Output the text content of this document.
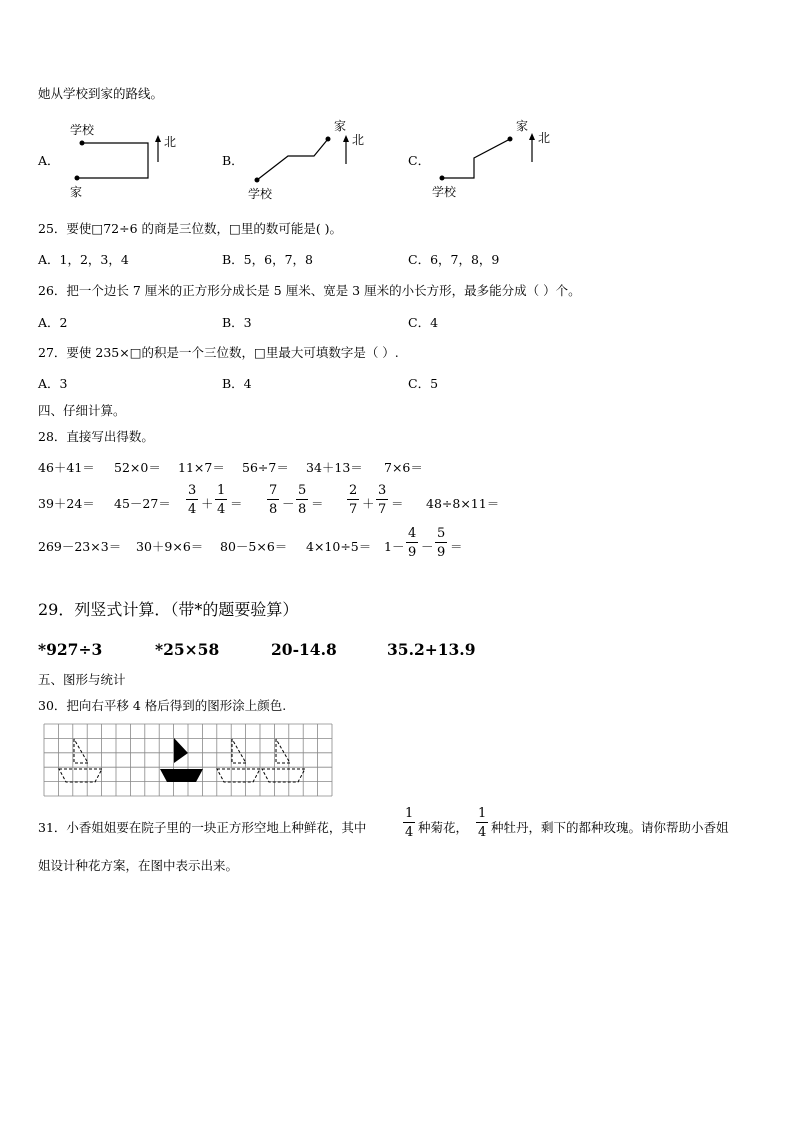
她从学校到家的路线。
A．
学校
家
北
B．
学校
家
北
C．
学校
家
北
25．要使□72÷6 的商是三位数，□里的数可能是( )。
A．1，2，3，4	B．5，6，7，8	C．6，7，8，9
26．把一个边长 7 厘米的正方形分成长是 5 厘米、宽是 3 厘米的小长方形，最多能分成（ ）个。
A．2	B．3	C．4
27．要使 235×□的积是一个三位数，□里最大可填数字是（ ）.
A．3	B．4	C．5
四、仔细计算。
28．直接写出得数。
46＋41＝ 52×0＝ 11×7＝ 56÷7＝ 34＋13＝ 7×6＝
$39+24= 45-27= \frac{3}{4} + \frac{1}{4} = \frac{7}{8} - \frac{5}{8} = \frac{2}{7} + \frac{3}{7} = 48\div 8\times 11=$
$269-23\times 3= 30+9\times 6= 80-5\times 6= 4\times 10\div 5= 1- \frac{4}{9} - \frac{5}{9}$ ＝
29．列竖式计算．（带*的题要验算）
*927÷3	*25×58	20-14.8	35.2+13.9
五、图形与统计
30．把向右平移 4 格后得到的图形涂上颜色.
31．小香姐姐要在院子里的一块正方形空地上种鲜花，其中	$\frac{1}{4}$ 种菊花， $\frac{1}{4}$ 种牡丹，剩下的都种玫瑰。请你帮助小香姐
姐设计种花方案，在图中表示出来。
